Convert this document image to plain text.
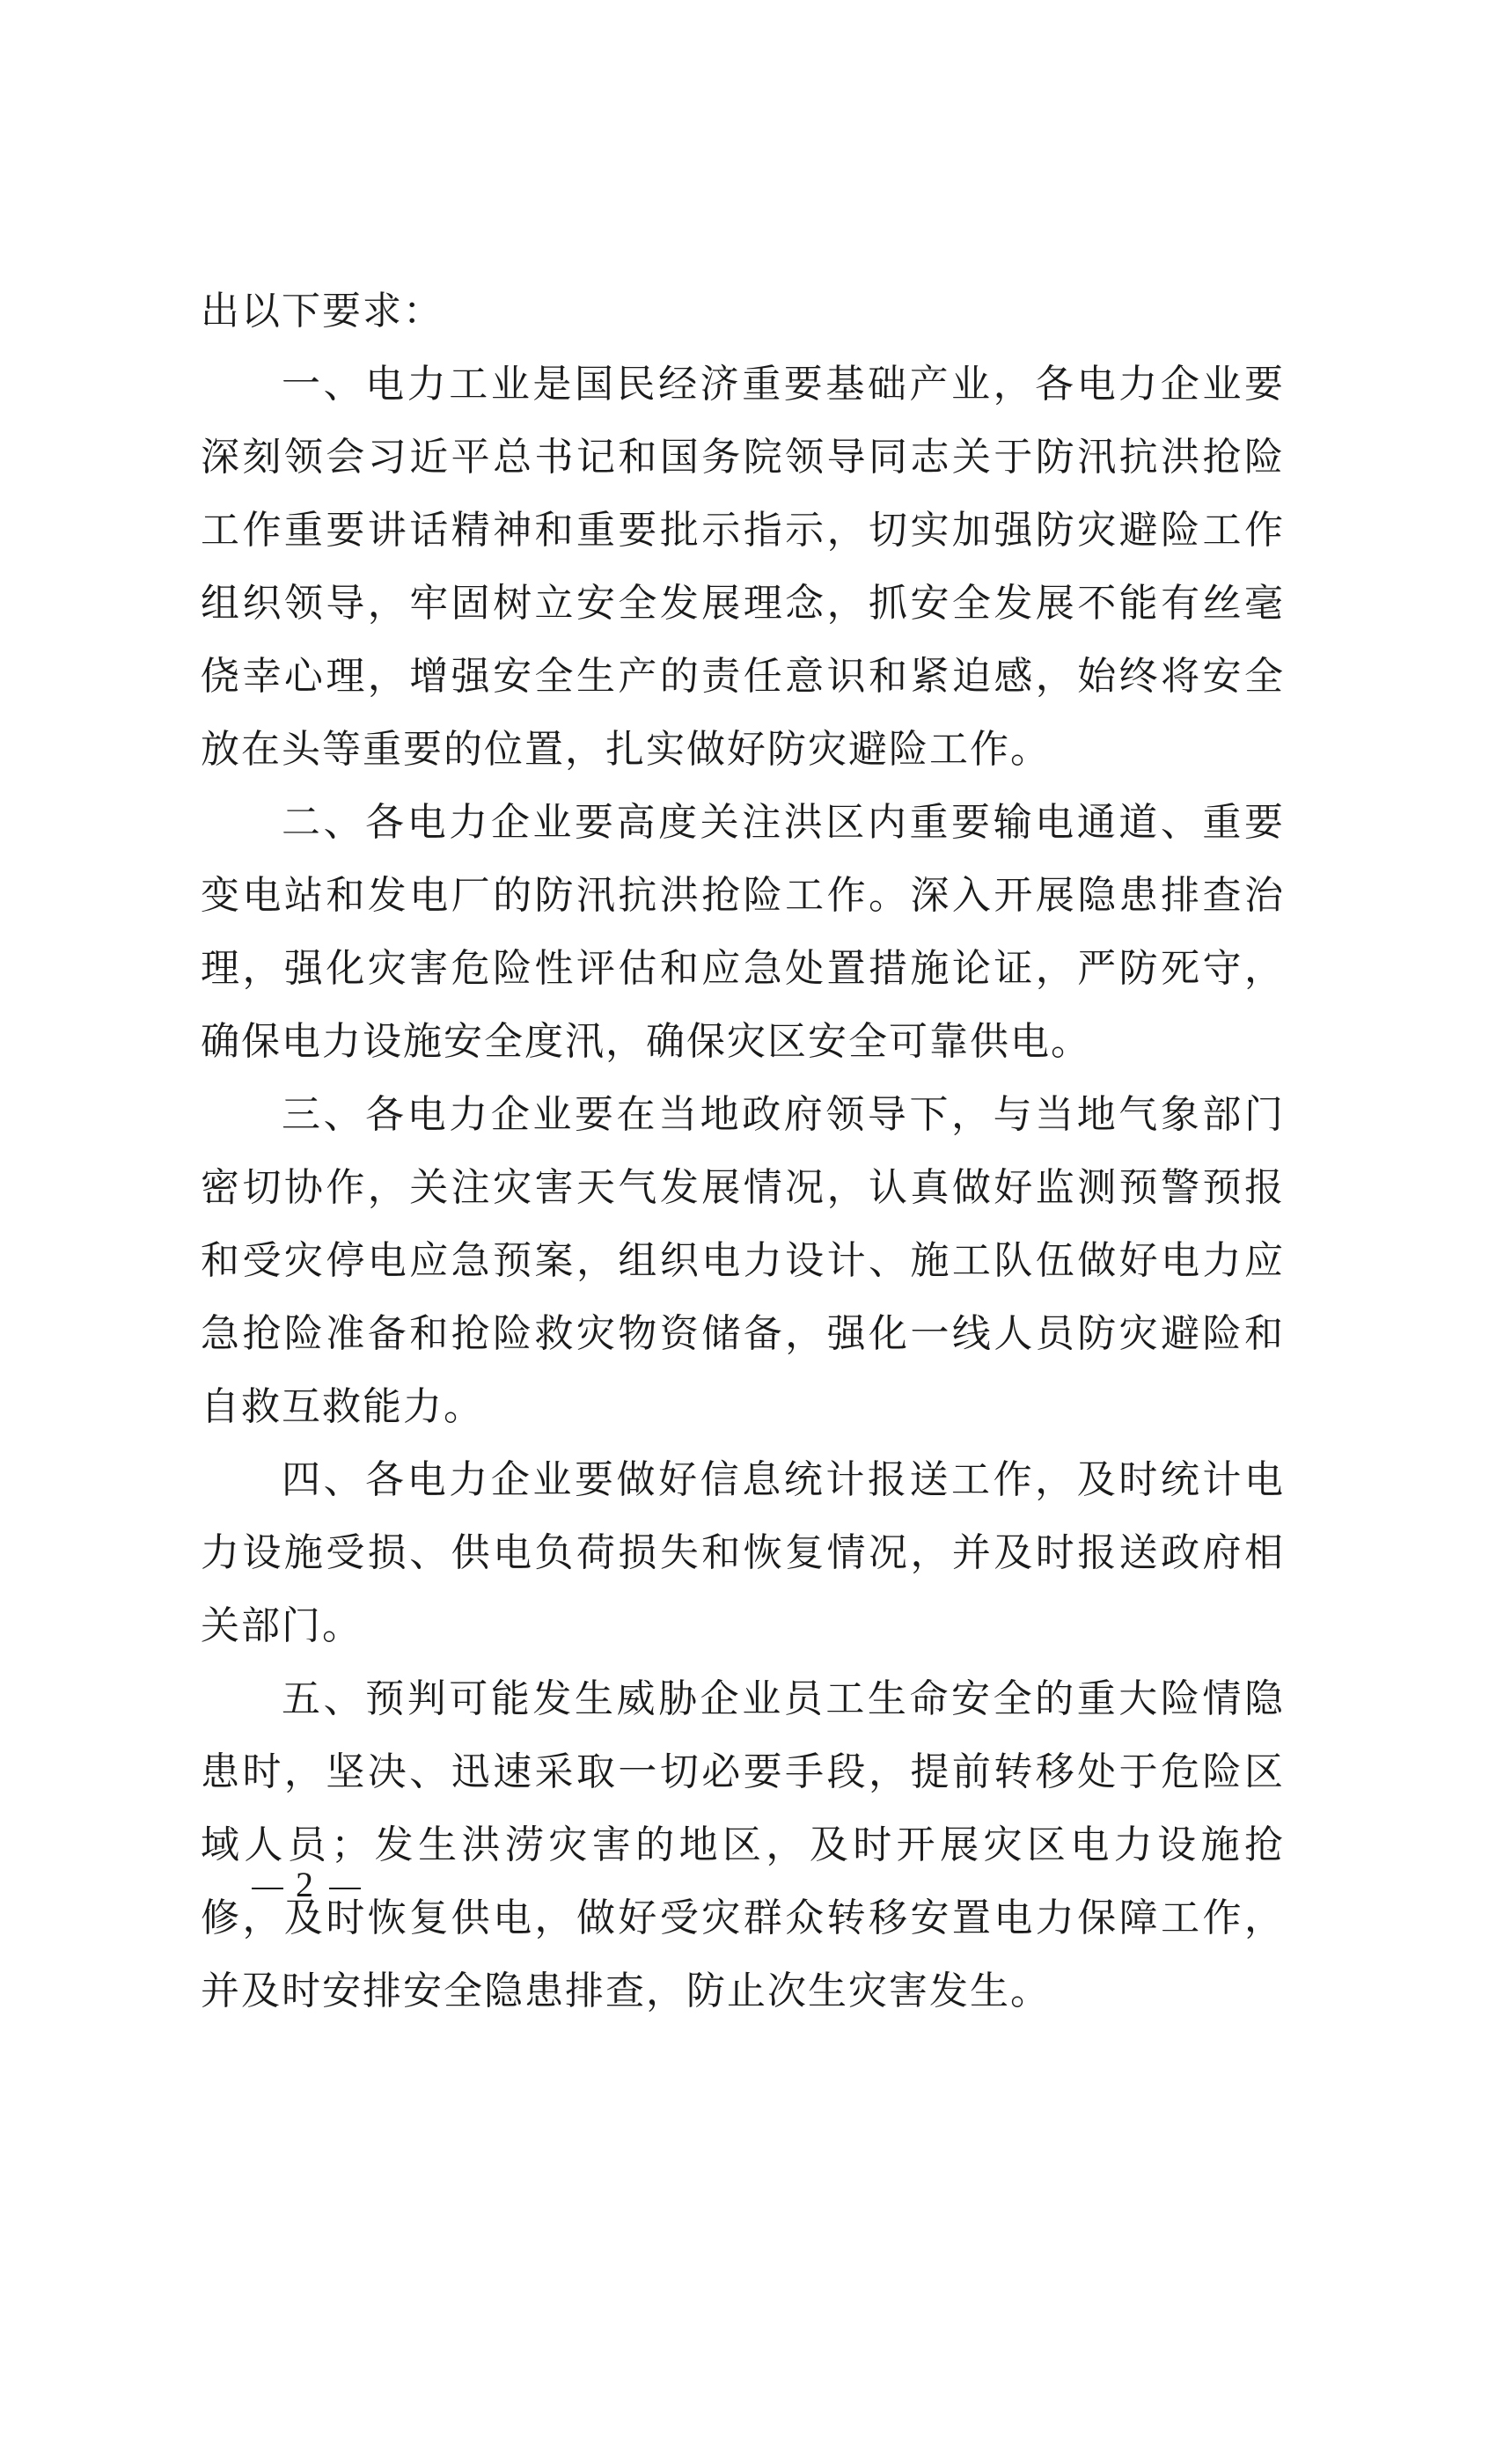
出以下要求：

一、电力工业是国民经济重要基础产业，各电力企业要深刻领会习近平总书记和国务院领导同志关于防汛抗洪抢险工作重要讲话精神和重要批示指示，切实加强防灾避险工作组织领导，牢固树立安全发展理念，抓安全发展不能有丝毫侥幸心理，增强安全生产的责任意识和紧迫感，始终将安全放在头等重要的位置，扎实做好防灾避险工作。

二、各电力企业要高度关注洪区内重要输电通道、重要变电站和发电厂的防汛抗洪抢险工作。深入开展隐患排查治理，强化灾害危险性评估和应急处置措施论证，严防死守，确保电力设施安全度汛，确保灾区安全可靠供电。

三、各电力企业要在当地政府领导下，与当地气象部门密切协作，关注灾害天气发展情况，认真做好监测预警预报和受灾停电应急预案，组织电力设计、施工队伍做好电力应急抢险准备和抢险救灾物资储备，强化一线人员防灾避险和自救互救能力。

四、各电力企业要做好信息统计报送工作，及时统计电力设施受损、供电负荷损失和恢复情况，并及时报送政府相关部门。

五、预判可能发生威胁企业员工生命安全的重大险情隐患时，坚决、迅速采取一切必要手段，提前转移处于危险区域人员；发生洪涝灾害的地区，及时开展灾区电力设施抢修，及时恢复供电，做好受灾群众转移安置电力保障工作，并及时安排安全隐患排查，防止次生灾害发生。

2
